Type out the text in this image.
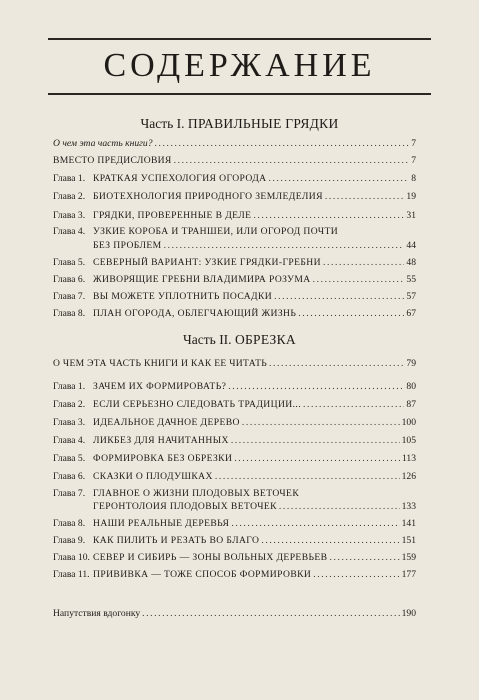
СОДЕРЖАНИЕ
Часть I. ПРАВИЛЬНЫЕ ГРЯДКИ
О чем эта часть книги? .....	7
ВМЕСТО ПРЕДИСЛОВИЯ .....	7
Глава 1. КРАТКАЯ УСПЕХОЛОГИЯ ОГОРОДА .....	8
Глава 2. БИОТЕХНОЛОГИЯ ПРИРОДНОГО ЗЕМЛЕДЕЛИЯ .....	19
Глава 3. ГРЯДКИ, ПРОВЕРЕННЫЕ В ДЕЛЕ .....	31
Глава 4. УЗКИЕ КОРОБА И ТРАНШЕИ, ИЛИ ОГОРОД ПОЧТИ
БЕЗ ПРОБЛЕМ .....	44
Глава 5. СЕВЕРНЫЙ ВАРИАНТ: УЗКИЕ ГРЯДКИ-ГРЕБНИ .....	48
Глава 6. ЖИВОРЯЩИЕ ГРЕБНИ ВЛАДИМИРА РОЗУМА .....	55
Глава 7. ВЫ МОЖЕТЕ УПЛОТНИТЬ ПОСАДКИ .....	57
Глава 8. ПЛАН ОГОРОДА, ОБЛЕГЧАЮЩИЙ ЖИЗНЬ .....	67
Часть II. ОБРЕЗКА
О ЧЕМ ЭТА ЧАСТЬ КНИГИ И КАК ЕЕ ЧИТАТЬ .....	79
Глава 1. ЗАЧЕМ ИХ ФОРМИРОВАТЬ? .....	80
Глава 2. ЕСЛИ СЕРЬЕЗНО СЛЕДОВАТЬ ТРАДИЦИИ... .....	87
Глава 3. ИДЕАЛЬНОЕ ДАЧНОЕ ДЕРЕВО .....	100
Глава 4. ЛИКБЕЗ ДЛЯ НАЧИТАННЫХ .....	105
Глава 5. ФОРМИРОВКА БЕЗ ОБРЕЗКИ .....	113
Глава 6. СКАЗКИ О ПЛОДУШКАХ .....	126
Глава 7. ГЛАВНОЕ О ЖИЗНИ ПЛОДОВЫХ ВЕТОЧЕК
ГЕРОНТОЛОИЯ ПЛОДОВЫХ ВЕТОЧЕК .....	133
Глава 8. НАШИ РЕАЛЬНЫЕ ДЕРЕВЬЯ .....	141
Глава 9. КАК ПИЛИТЬ И РЕЗАТЬ ВО БЛАГО .....	151
Глава 10. СЕВЕР И СИБИРЬ — ЗОНЫ ВОЛЬНЫХ ДЕРЕВЬЕВ .....	159
Глава 11. ПРИВИВКА — ТОЖЕ СПОСОБ ФОРМИРОВКИ .....	177
Напутствия вдогонку .....	190
